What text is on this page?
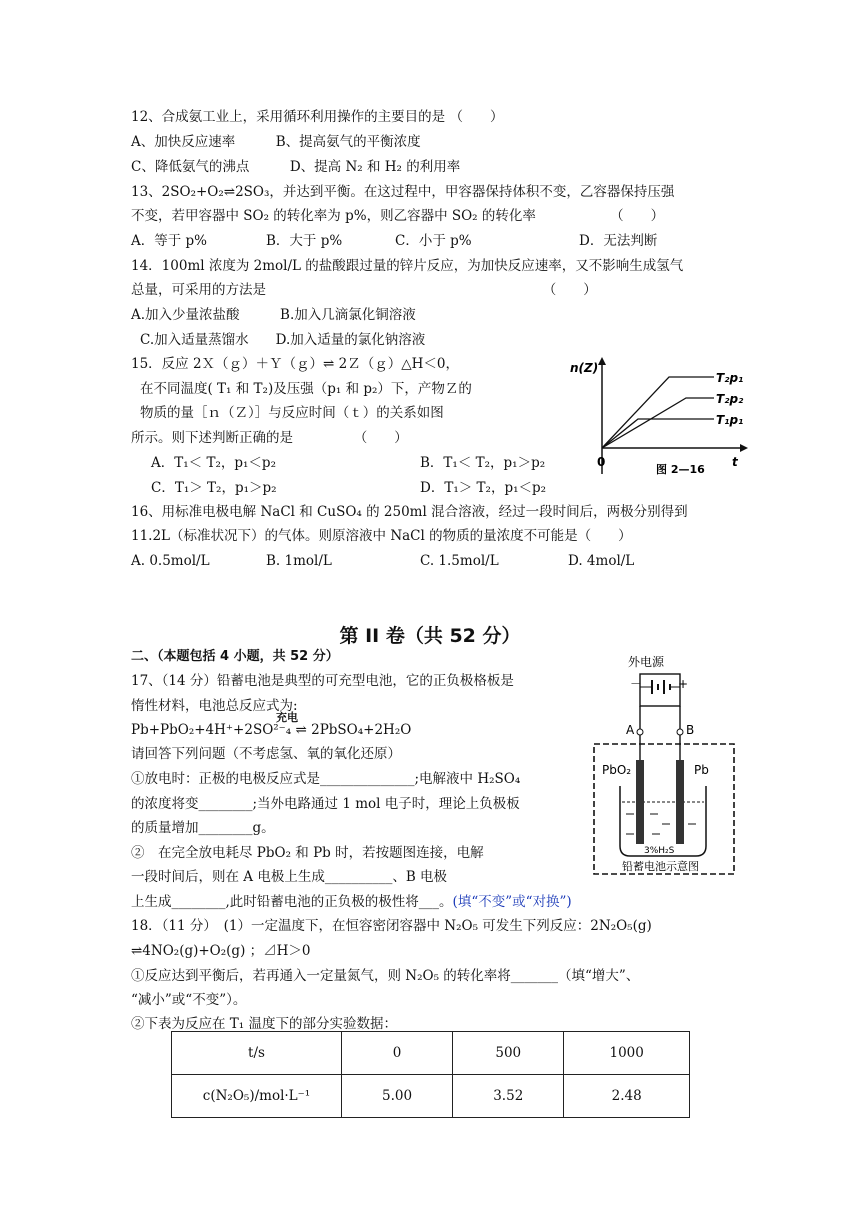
12、合成氨工业上，采用循环利用操作的主要目的是 （　　）
A、加快反应速率　　　B、提高氨气的平衡浓度
C、降低氨气的沸点　　　D、提高 N₂ 和 H₂ 的利用率
13、2SO₂+O₂⇌2SO₃，并达到平衡。在这过程中，甲容器保持体积不变，乙容器保持压强
不变，若甲容器中 SO₂ 的转化率为 p%，则乙容器中 SO₂ 的转化率　　　　　　（　　）
A．等于 p%	B．大于 p%	C．小于 p%	D．无法判断
14．100ml 浓度为 2mol/L 的盐酸跟过量的锌片反应，为加快反应速率，又不影响生成氢气
总量，可采用的方法是　　　　　　　　　　　　　　　　　　　　　（　　）
A.加入少量浓盐酸　　　B.加入几滴氯化铜溶液
C.加入适量蒸馏水　　D.加入适量的氯化钠溶液
15．反应 2Ｘ（ｇ）＋Ｙ（ｇ）⇌ 2Ｚ（ｇ）△H＜0，
在不同温度( T₁ 和 T₂)及压强（p₁ 和 p₂）下，产物Ｚ的
物质的量［ｎ（Ｚ）］与反应时间（ｔ）的关系如图
所示。则下述判断正确的是　　　　　（　　）
A．T₁＜ T₂，p₁＜p₂	B．T₁＜ T₂，p₁＞p₂
C．T₁＞ T₂，p₁＞p₂	D．T₁＞ T₂，p₁＜p₂
n(Z)
T₂p₁
T₂p₂
T₁p₁
0	t
图 2—16
16、用标准电极电解 NaCl 和 CuSO₄ 的 250ml 混合溶液，经过一段时间后，两极分别得到
11.2L（标准状况下）的气体。则原溶液中 NaCl 的物质的量浓度不可能是（　　）
A. 0.5mol/L	B. 1mol/L	C. 1.5mol/L	D. 4mol/L
第 II 卷（共 52 分）
二、（本题包括 4 小题，共 52 分）
17、（14 分）铅蓄电池是典型的可充型电池，它的正负极格板是
惰性材料，电池总反应式为:
Pb+PbO₂+4H⁺+2SO²⁻₄ ⇌ 2PbSO₄+2H₂O
充电
请回答下列问题（不考虑氢、氧的氧化还原）
①放电时：正极的电极反应式是______________;电解液中 H₂SO₄
的浓度将变________;当外电路通过 1 mol 电子时，理论上负极板
的质量增加________g。
②　在完全放电耗尽 PbO₂ 和 Pb 时，若按题图连接，电解
一段时间后，则在 A 电极上生成__________、B 电极
上生成________,此时铅蓄电池的正负极的极性将___。(填“不变”或“对换”)
外电源
－	+
A	B
PbO₂	Pb
3%H₂S
铅蓄电池示意图
18．（11 分）　(1）一定温度下，在恒容密闭容器中 N₂O₅ 可发生下列反应：2N₂O₅(g)
⇌4NO₂(g)+O₂(g) ；⊿H＞0
①反应达到平衡后，若再通入一定量氮气，则 N₂O₅ 的转化率将_______（填“增大”、
“减小”或“不变”）。
②下表为反应在 T₁ 温度下的部分实验数据：
t/s	0	500	1000
c(N₂O₅)/mol·L⁻¹	5.00	3.52	2.48
